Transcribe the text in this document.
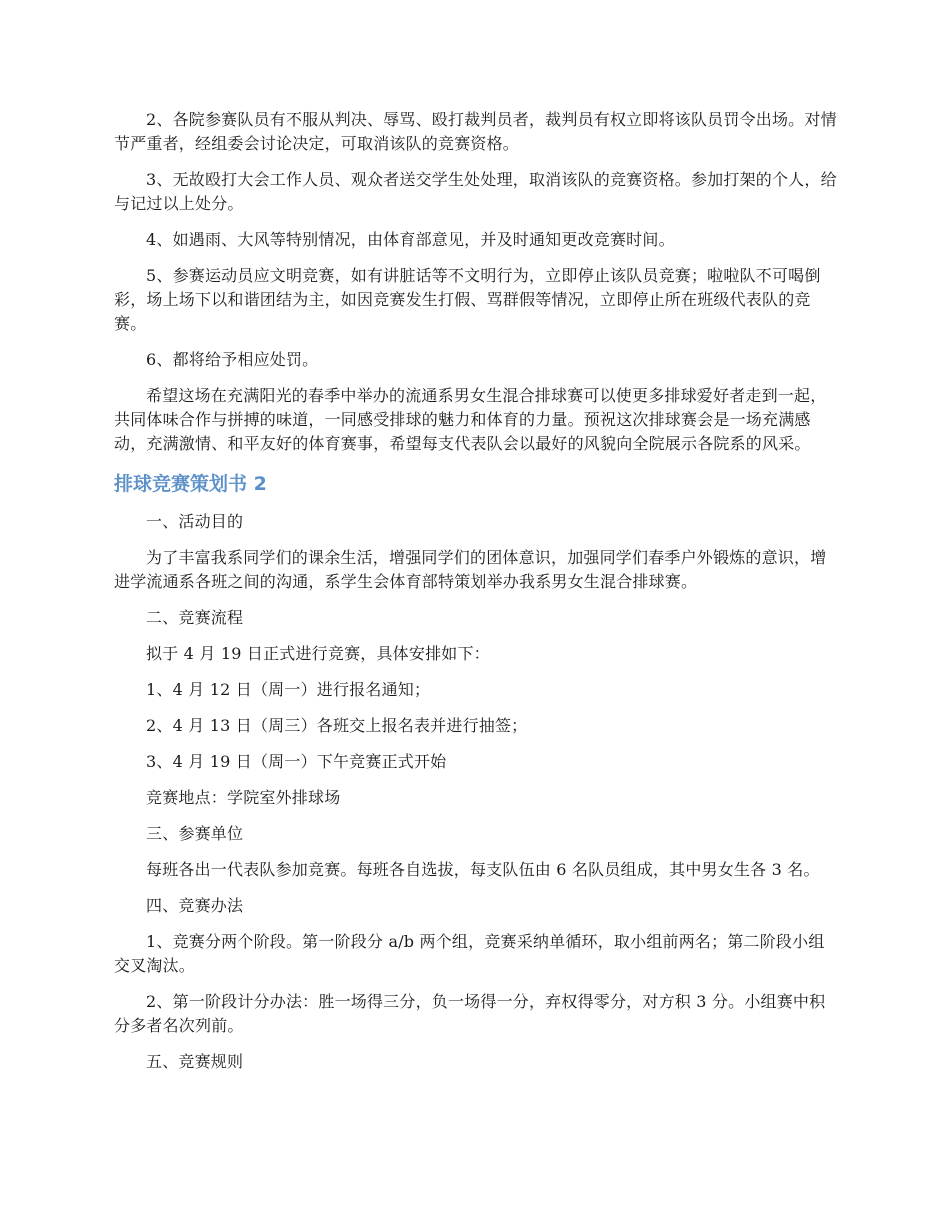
2、各院参赛队员有不服从判决、辱骂、殴打裁判员者，裁判员有权立即将该队员罚令出场。对情节严重者，经组委会讨论决定，可取消该队的竞赛资格。

3、无故殴打大会工作人员、观众者送交学生处处理，取消该队的竞赛资格。参加打架的个人，给与记过以上处分。

4、如遇雨、大风等特别情况，由体育部意见，并及时通知更改竞赛时间。

5、参赛运动员应文明竞赛，如有讲脏话等不文明行为，立即停止该队员竞赛；啦啦队不可喝倒彩，场上场下以和谐团结为主，如因竞赛发生打假、骂群假等情况，立即停止所在班级代表队的竞赛。

6、都将给予相应处罚。

希望这场在充满阳光的春季中举办的流通系男女生混合排球赛可以使更多排球爱好者走到一起，共同体味合作与拼搏的味道，一同感受排球的魅力和体育的力量。预祝这次排球赛会是一场充满感动，充满激情、和平友好的体育赛事，希望每支代表队会以最好的风貌向全院展示各院系的风采。

排球竞赛策划书 2

一、活动目的

为了丰富我系同学们的课余生活，增强同学们的团体意识，加强同学们春季户外锻炼的意识，增进学流通系各班之间的沟通，系学生会体育部特策划举办我系男女生混合排球赛。

二、竞赛流程

拟于 4 月 19 日正式进行竞赛，具体安排如下：

1、4 月 12 日（周一）进行报名通知；

2、4 月 13 日（周三）各班交上报名表并进行抽签；

3、4 月 19 日（周一）下午竞赛正式开始

竞赛地点：学院室外排球场

三、参赛单位

每班各出一代表队参加竞赛。每班各自选拔，每支队伍由 6 名队员组成，其中男女生各 3 名。

四、竞赛办法

1、竞赛分两个阶段。第一阶段分 a/b 两个组，竞赛采纳单循环，取小组前两名；第二阶段小组交叉淘汰。

2、第一阶段计分办法：胜一场得三分，负一场得一分，弃权得零分，对方积 3 分。小组赛中积分多者名次列前。

五、竞赛规则
